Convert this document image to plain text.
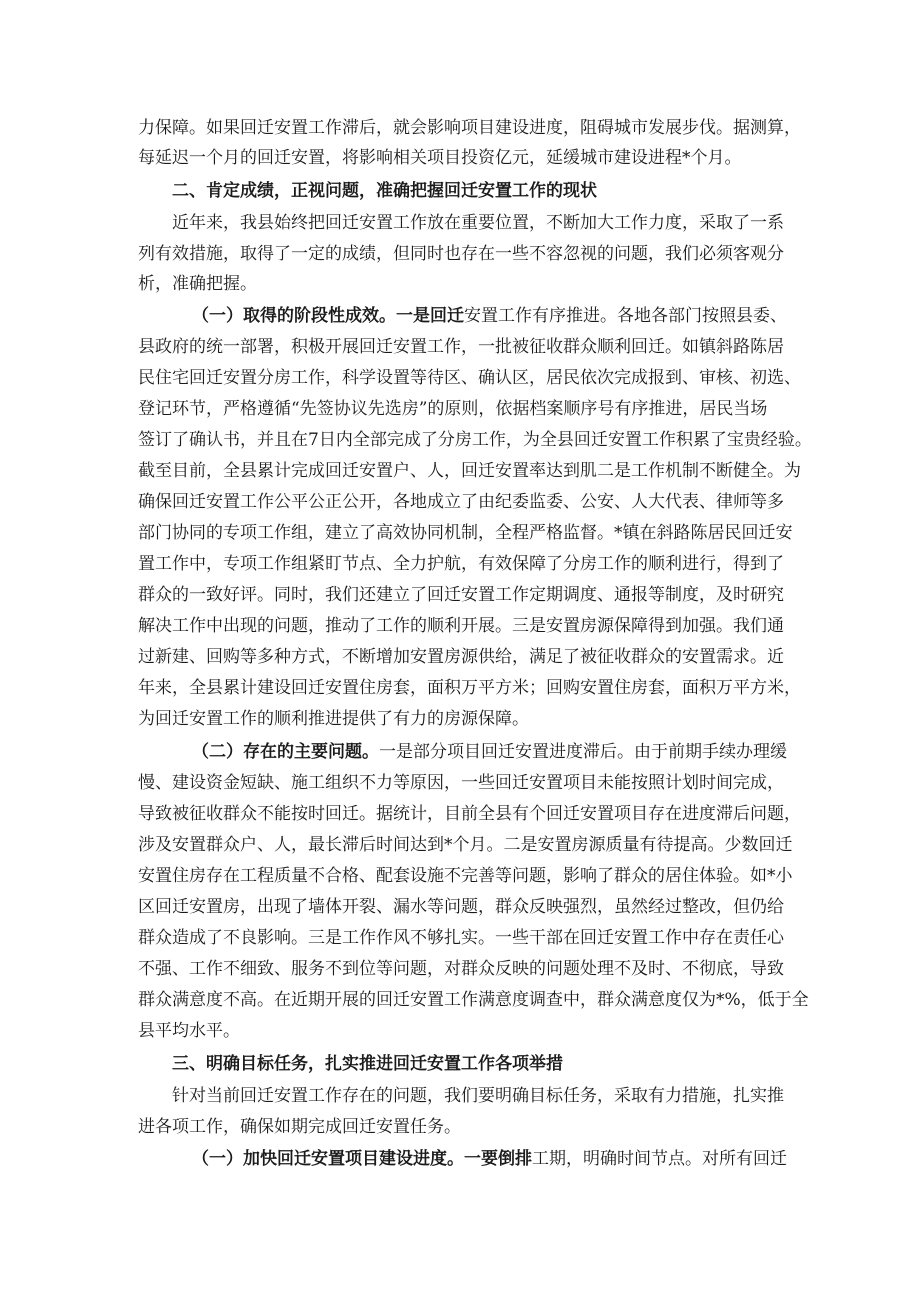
力保障。如果回迁安置工作滞后，就会影响项目建设进度，阻碍城市发展步伐。据测算，
每延迟一个月的回迁安置，将影响相关项目投资亿元，延缓城市建设进程*个月。
二、肯定成绩，正视问题，准确把握回迁安置工作的现状
近年来，我县始终把回迁安置工作放在重要位置，不断加大工作力度，采取了一系
列有效措施，取得了一定的成绩，但同时也存在一些不容忽视的问题，我们必须客观分
析，准确把握。
（一）取得的阶段性成效。一是回迁安置工作有序推进。各地各部门按照县委、
县政府的统一部署，积极开展回迁安置工作，一批被征收群众顺利回迁。如镇斜路陈居
民住宅回迁安置分房工作，科学设置等待区、确认区，居民依次完成报到、审核、初选、
登记环节，严格遵循“先签协议先选房”的原则，依据档案顺序号有序推进，居民当场
签订了确认书，并且在7日内全部完成了分房工作，为全县回迁安置工作积累了宝贵经验。
截至目前，全县累计完成回迁安置户、人，回迁安置率达到肌二是工作机制不断健全。为
确保回迁安置工作公平公正公开，各地成立了由纪委监委、公安、人大代表、律师等多
部门协同的专项工作组，建立了高效协同机制，全程严格监督。*镇在斜路陈居民回迁安
置工作中，专项工作组紧盯节点、全力护航，有效保障了分房工作的顺利进行，得到了
群众的一致好评。同时，我们还建立了回迁安置工作定期调度、通报等制度，及时研究
解决工作中出现的问题，推动了工作的顺利开展。三是安置房源保障得到加强。我们通
过新建、回购等多种方式，不断增加安置房源供给，满足了被征收群众的安置需求。近
年来，全县累计建设回迁安置住房套，面积万平方米；回购安置住房套，面积万平方米，
为回迁安置工作的顺利推进提供了有力的房源保障。
（二）存在的主要问题。一是部分项目回迁安置进度滞后。由于前期手续办理缓
慢、建设资金短缺、施工组织不力等原因，一些回迁安置项目未能按照计划时间完成，
导致被征收群众不能按时回迁。据统计，目前全县有个回迁安置项目存在进度滞后问题，
涉及安置群众户、人，最长滞后时间达到*个月。二是安置房源质量有待提高。少数回迁
安置住房存在工程质量不合格、配套设施不完善等问题，影响了群众的居住体验。如*小
区回迁安置房，出现了墙体开裂、漏水等问题，群众反映强烈，虽然经过整改，但仍给
群众造成了不良影响。三是工作作风不够扎实。一些干部在回迁安置工作中存在责任心
不强、工作不细致、服务不到位等问题，对群众反映的问题处理不及时、不彻底，导致
群众满意度不高。在近期开展的回迁安置工作满意度调查中，群众满意度仅为*%，低于全
县平均水平。
三、明确目标任务，扎实推进回迁安置工作各项举措
针对当前回迁安置工作存在的问题，我们要明确目标任务，采取有力措施，扎实推
进各项工作，确保如期完成回迁安置任务。
（一）加快回迁安置项目建设进度。一要倒排工期，明确时间节点。对所有回迁
